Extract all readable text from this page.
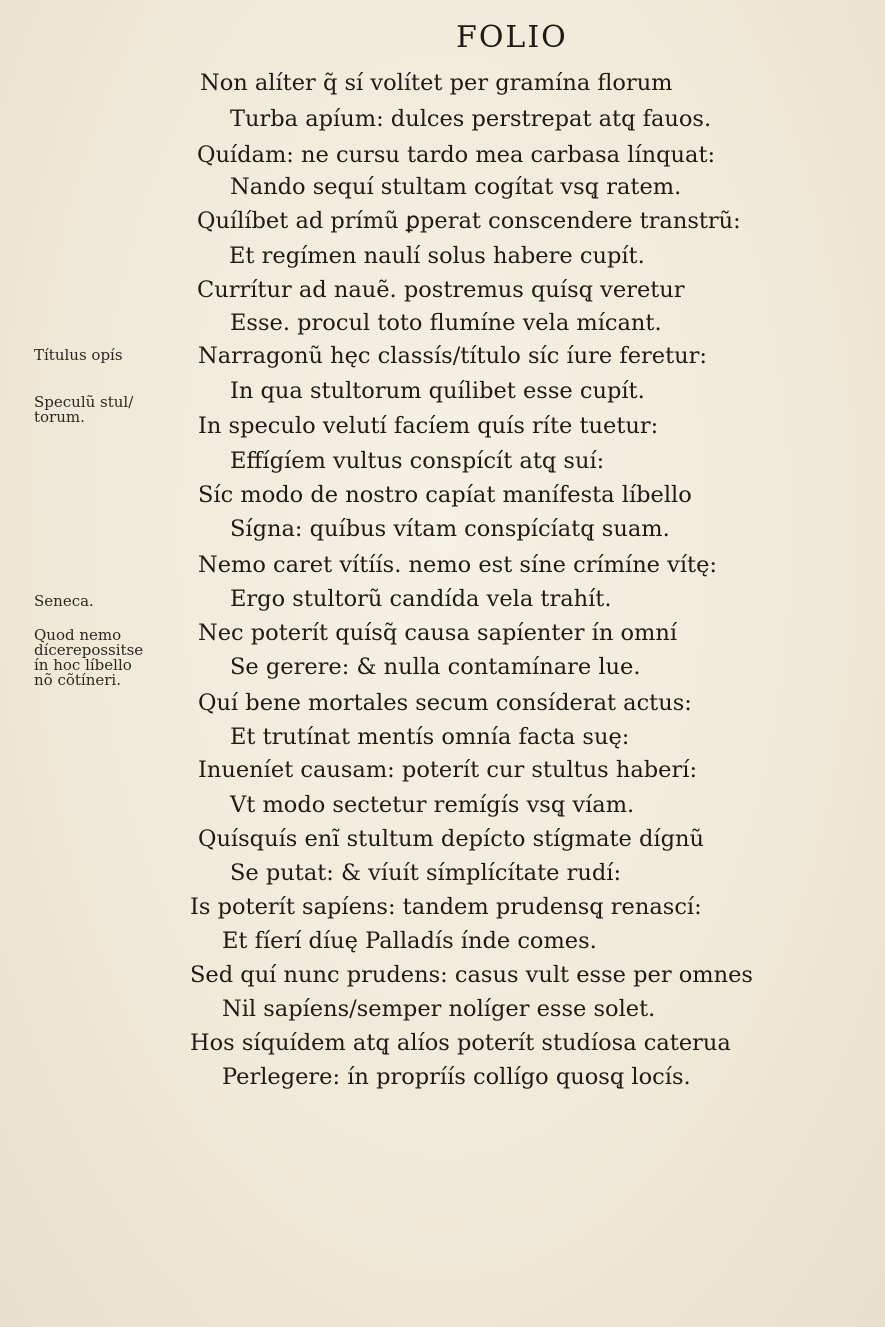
FOLIO
Non alíter q̃ sí volítet per gramína florum
Turba apíum: dulces perstrepat atq̨ fauos.
Quídam: ne cursu tardo mea carbasa línquat:
Nando sequí stultam cogítat vsq̨ ratem.
Quílíbet ad prímũ ꝑperat conscendere transtrũ:
Et regímen naulí solus habere cupít.
Currítur ad nauẽ. postremus quísq̨ veretur
Esse. procul toto flumíne vela mícant.
Narragonũ hęc classís/título síc íure feretur:
In qua stultorum quílibet esse cupít.
In speculo velutí facíem quís ríte tuetur:
Effígíem vultus conspícít atq̨ suí:
Síc modo de nostro capíat manífesta líbello
Sígna: quíbus vítam conspícíatq̨ suam.
Nemo caret vítíís. nemo est síne crímíne vítę:
Ergo stultorũ candída vela trahít.
Nec poterít quísq̃ causa sapíenter ín omní
Se gerere: & nulla contamínare lue.
Quí bene mortales secum consíderat actus:
Et trutínat mentís omnía facta suę:
Inueníet causam: poterít cur stultus haberí:
Vt modo sectetur remígís vsq̨ víam.
Quísquís enĩ stultum depícto stígmate dígnũ
Se putat: & víuít símplícítate rudí:
Is poterít sapíens: tandem prudensq̨ renascí:
Et fíerí díuę Palladís índe comes.
Sed quí nunc prudens: casus vult esse per omnes
Nil sapíens/semper nolíger esse solet.
Hos síquídem atq̨ alíos poterít studíosa caterua
Perlegere: ín propríís collígo quosq̨ locís.
Títulus opís
Speculũ stul/
torum.
Seneca.
Quod nemo
dícerepossitse
ín hoc líbello
nõ cõtíneri.
